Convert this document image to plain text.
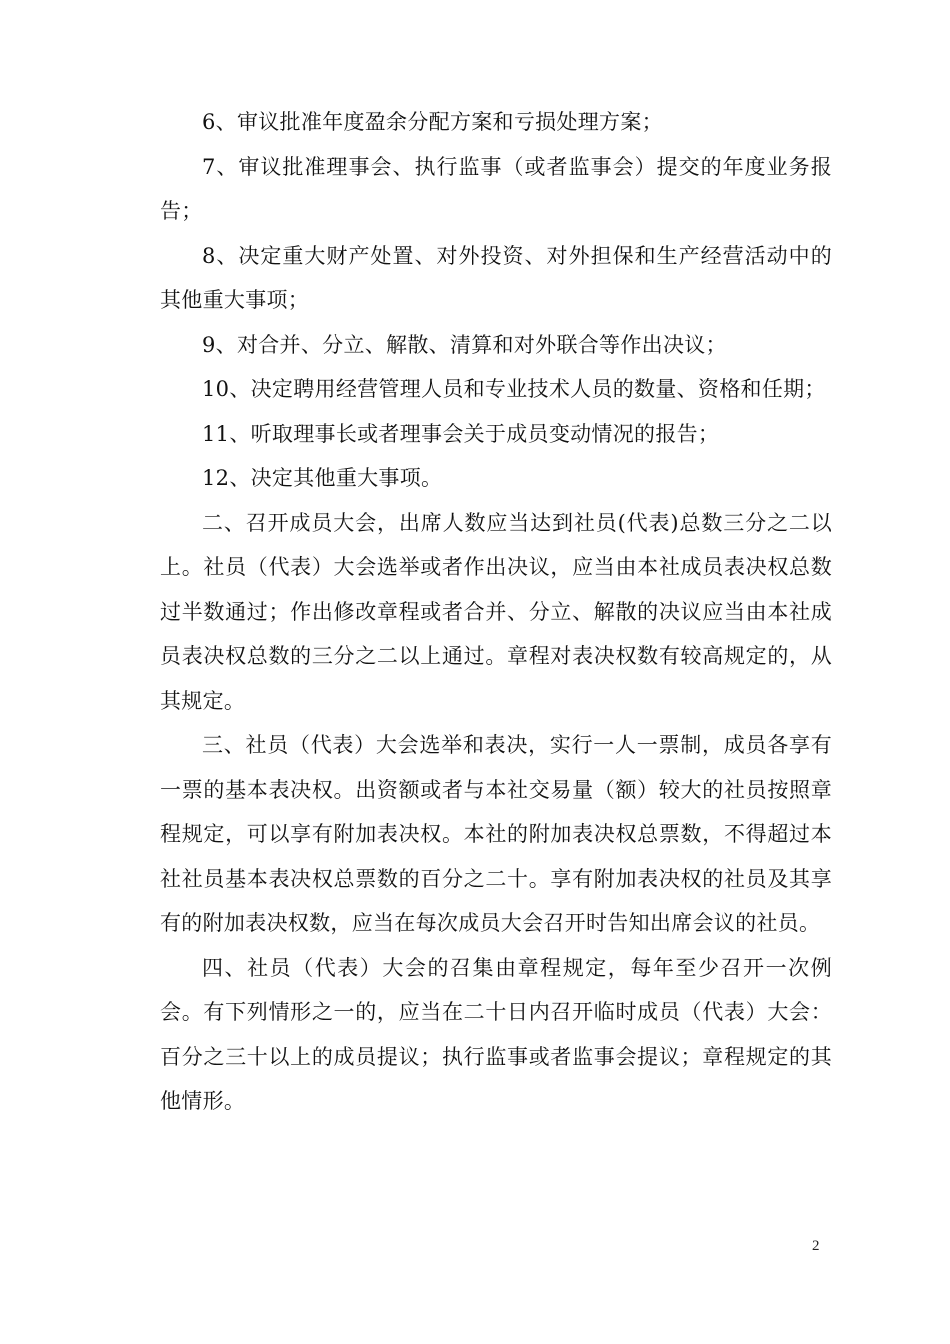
6、审议批准年度盈余分配方案和亏损处理方案；

7、审议批准理事会、执行监事（或者监事会）提交的年度业务报告；

8、决定重大财产处置、对外投资、对外担保和生产经营活动中的其他重大事项；

9、对合并、分立、解散、清算和对外联合等作出决议；

10、决定聘用经营管理人员和专业技术人员的数量、资格和任期；

11、听取理事长或者理事会关于成员变动情况的报告；

12、决定其他重大事项。

二、召开成员大会，出席人数应当达到社员(代表)总数三分之二以上。社员（代表）大会选举或者作出决议，应当由本社成员表决权总数过半数通过；作出修改章程或者合并、分立、解散的决议应当由本社成员表决权总数的三分之二以上通过。章程对表决权数有较高规定的，从其规定。

三、社员（代表）大会选举和表决，实行一人一票制，成员各享有一票的基本表决权。出资额或者与本社交易量（额）较大的社员按照章程规定，可以享有附加表决权。本社的附加表决权总票数，不得超过本社社员基本表决权总票数的百分之二十。享有附加表决权的社员及其享有的附加表决权数，应当在每次成员大会召开时告知出席会议的社员。

四、社员（代表）大会的召集由章程规定，每年至少召开一次例会。有下列情形之一的，应当在二十日内召开临时成员（代表）大会：百分之三十以上的成员提议；执行监事或者监事会提议；章程规定的其他情形。

2
